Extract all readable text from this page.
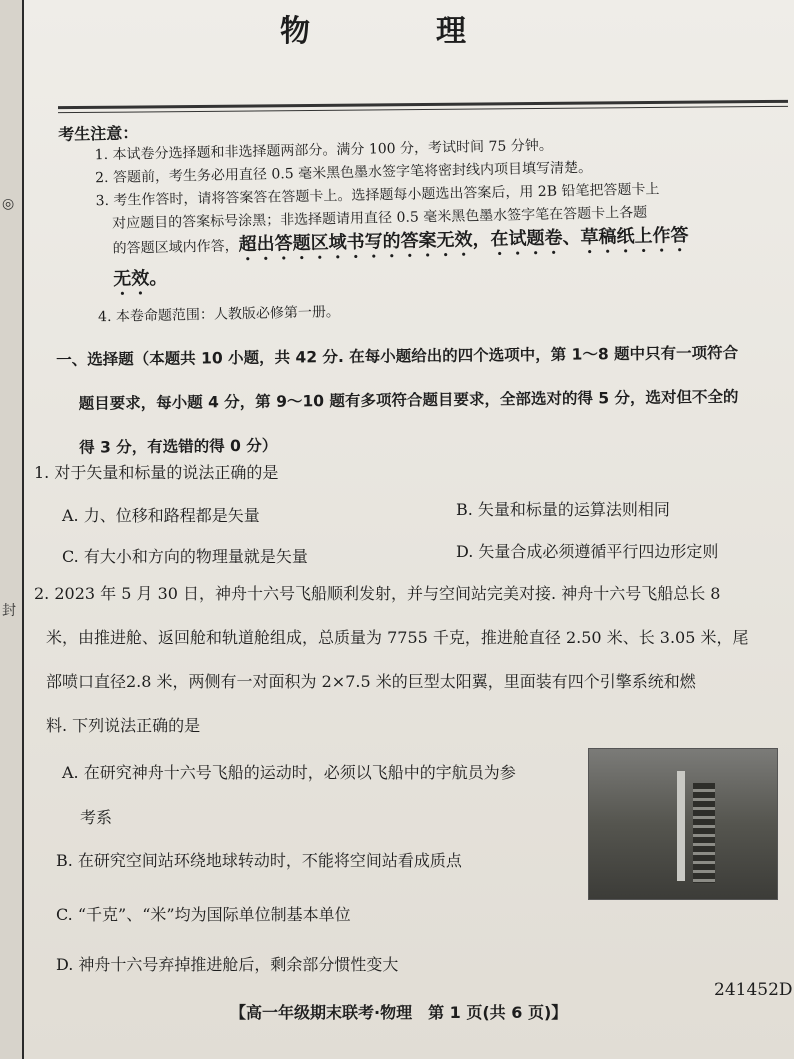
◎
封
物　理
考生注意：
1. 本试卷分选择题和非选择题两部分。满分 100 分，考试时间 75 分钟。
2. 答题前，考生务必用直径 0.5 毫米黑色墨水签字笔将密封线内项目填写清楚。
3. 考生作答时，请将答案答在答题卡上。选择题每小题选出答案后，用 2B 铅笔把答题卡上
对应题目的答案标号涂黑；非选择题请用直径 0.5 毫米黑色墨水签字笔在答题卡上各题
的答题区域内作答，超出答题区域书写的答案无效，在试题卷、草稿纸上作答
无效。
4. 本卷命题范围：人教版必修第一册。
一、选择题（本题共 10 小题，共 42 分. 在每小题给出的四个选项中，第 1～8 题中只有一项符合
题目要求，每小题 4 分，第 9～10 题有多项符合题目要求，全部选对的得 5 分，选对但不全的
得 3 分，有选错的得 0 分）
1. 对于矢量和标量的说法正确的是
A. 力、位移和路程都是矢量	B. 矢量和标量的运算法则相同
C. 有大小和方向的物理量就是矢量	D. 矢量合成必须遵循平行四边形定则
2. 2023 年 5 月 30 日，神舟十六号飞船顺利发射，并与空间站完美对接. 神舟十六号飞船总长 8
米，由推进舱、返回舱和轨道舱组成，总质量为 7755 千克，推进舱直径 2.50 米、长 3.05 米，尾
部喷口直径2.8 米，两侧有一对面积为 2×7.5 米的巨型太阳翼，里面装有四个引擎系统和燃
料. 下列说法正确的是
A. 在研究神舟十六号飞船的运动时，必须以飞船中的宇航员为参
考系
B. 在研究空间站环绕地球转动时，不能将空间站看成质点
C. “千克”、“米”均为国际单位制基本单位
D. 神舟十六号弃掉推进舱后，剩余部分惯性变大
241452D
【高一年级期末联考·物理　第 1 页(共 6 页)】
